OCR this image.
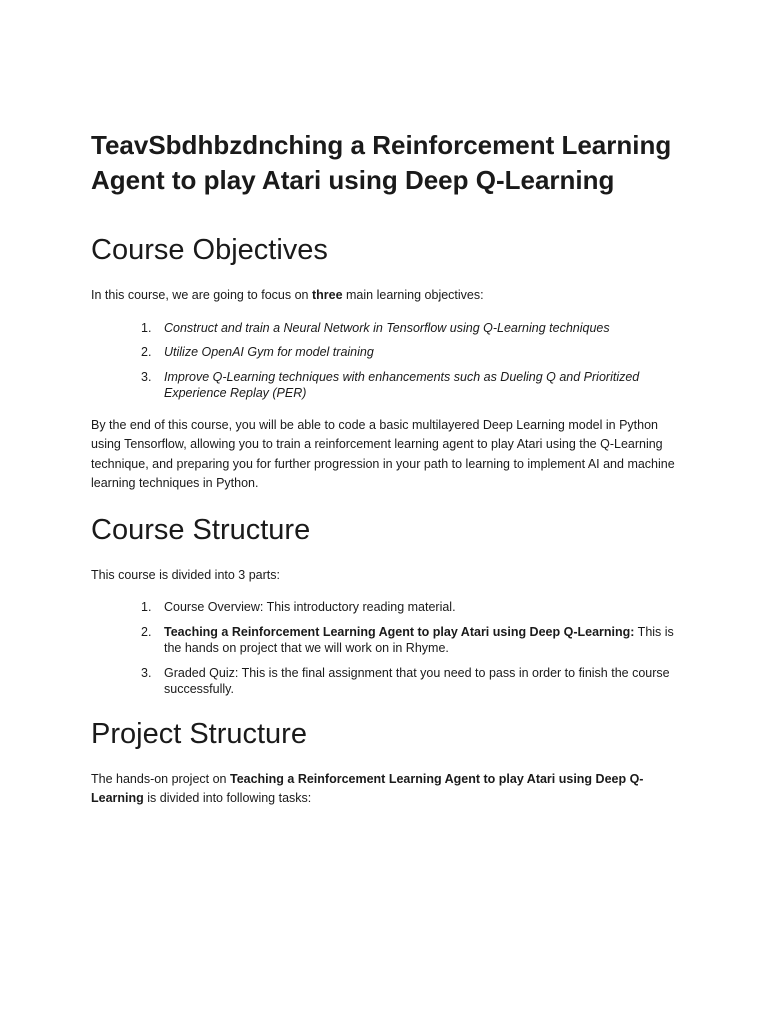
TeavSbdhbzdnching a Reinforcement Learning Agent to play Atari using Deep Q-Learning
Course Objectives

In this course, we are going to focus on three main learning objectives:

1. Construct and train a Neural Network in Tensorflow using Q-Learning techniques
2. Utilize OpenAI Gym for model training
3. Improve Q-Learning techniques with enhancements such as Dueling Q and Prioritized Experience Replay (PER)

By the end of this course, you will be able to code a basic multilayered Deep Learning model in Python using Tensorflow, allowing you to train a reinforcement learning agent to play Atari using the Q-Learning technique, and preparing you for further progression in your path to learning to implement AI and machine learning techniques in Python.

Course Structure

This course is divided into 3 parts:

1. Course Overview: This introductory reading material.
2. Teaching a Reinforcement Learning Agent to play Atari using Deep Q-Learning: This is the hands on project that we will work on in Rhyme.
3. Graded Quiz: This is the final assignment that you need to pass in order to finish the course successfully.
Project Structure

The hands-on project on Teaching a Reinforcement Learning Agent to play Atari using Deep Q-Learning is divided into following tasks:
